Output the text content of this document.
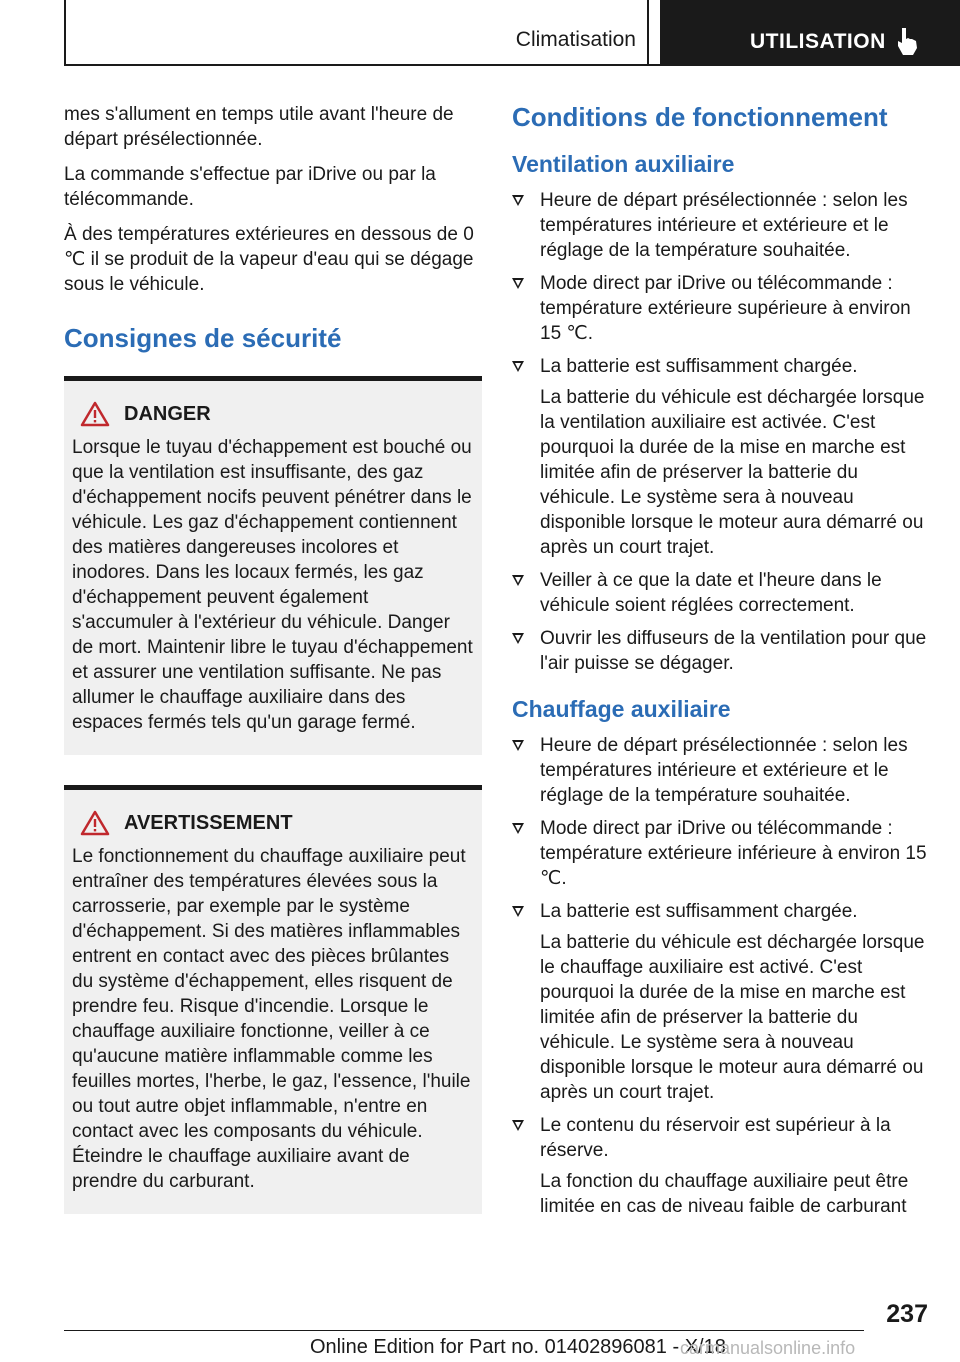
Climatisation	UTILISATION

mes s'allument en temps utile avant l'heure de départ présélectionnée.

La commande s'effectue par iDrive ou par la télécommande.

À des températures extérieures en dessous de 0 ℃ il se produit de la vapeur d'eau qui se dégage sous le véhicule.

Consignes de sécurité
DANGER

Lorsque le tuyau d'échappement est bouché ou que la ventilation est insuffisante, des gaz d'échappement nocifs peuvent pénétrer dans le véhicule. Les gaz d'échappement contiennent des matières dangereuses incolores et inodores. Dans les locaux fermés, les gaz d'échappement peuvent également s'accumuler à l'extérieur du véhicule. Danger de mort. Maintenir libre le tuyau d'échappement et assurer une ventilation suffisante. Ne pas allumer le chauffage auxiliaire dans des espaces fermés tels qu'un garage fermé.

AVERTISSEMENT

Le fonctionnement du chauffage auxiliaire peut entraîner des températures élevées sous la carrosserie, par exemple par le système d'échappement. Si des matières inflammables entrent en contact avec des pièces brûlantes du système d'échappement, elles risquent de prendre feu. Risque d'incendie. Lorsque le chauffage auxiliaire fonctionne, veiller à ce qu'aucune matière inflammable comme les feuilles mortes, l'herbe, le gaz, l'essence, l'huile ou tout autre objet inflammable, n'entre en contact avec les composants du véhicule. Éteindre le chauffage auxiliaire avant de prendre du carburant.

Conditions de fonctionnement
Ventilation auxiliaire

Heure de départ présélectionnée : selon les températures intérieure et extérieure et le réglage de la température souhaitée.

Mode direct par iDrive ou télécommande : température extérieure supérieure à environ 15 ℃.

La batterie est suffisamment chargée.

La batterie du véhicule est déchargée lorsque la ventilation auxiliaire est activée. C'est pourquoi la durée de la mise en marche est limitée afin de préserver la batterie du véhicule. Le système sera à nouveau disponible lorsque le moteur aura démarré ou après un court trajet.

Veiller à ce que la date et l'heure dans le véhicule soient réglées correctement.

Ouvrir les diffuseurs de la ventilation pour que l'air puisse se dégager.

Chauffage auxiliaire

Heure de départ présélectionnée : selon les températures intérieure et extérieure et le réglage de la température souhaitée.

Mode direct par iDrive ou télécommande : température extérieure inférieure à environ 15 ℃.

La batterie est suffisamment chargée.

La batterie du véhicule est déchargée lorsque le chauffage auxiliaire est activé. C'est pourquoi la durée de la mise en marche est limitée afin de préserver la batterie du véhicule. Le système sera à nouveau disponible lorsque le moteur aura démarré ou après un court trajet.

Le contenu du réservoir est supérieur à la réserve.

La fonction du chauffage auxiliaire peut être limitée en cas de niveau faible de carburant

237
Online Edition for Part no. 01402896081 - X/18
carmanualsonline.info
